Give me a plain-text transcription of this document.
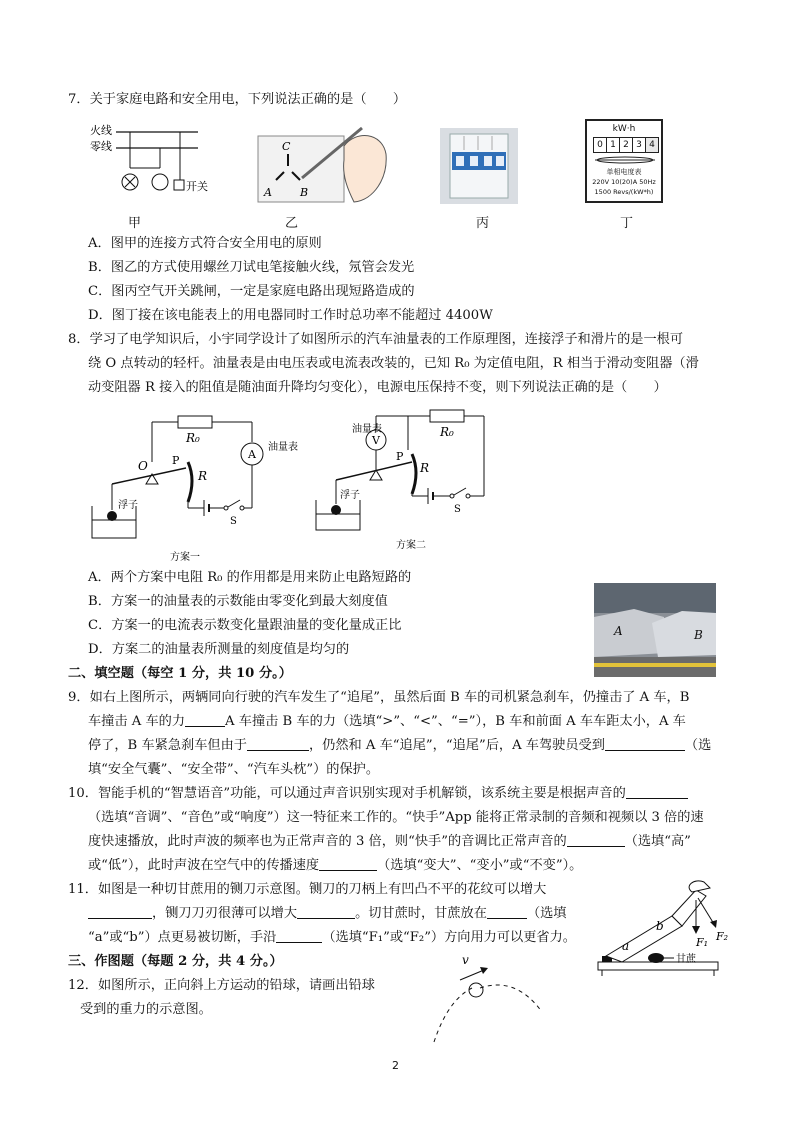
7．关于家庭电路和安全用电，下列说法正确的是（　　）
火线
零线
开关
甲
C
A	B
乙	丙
kW·h
0 1 2 3 4
单相电度表
220V 10(20)A 50Hz
1500 Revs/(kW*h)
丁
A．图甲的连接方式符合安全用电的原则
B．图乙的方式使用螺丝刀试电笔接触火线，氖管会发光
C．图丙空气开关跳闸，一定是家庭电路出现短路造成的
D．图丁接在该电能表上的用电器同时工作时总功率不能超过 4400W
8．学习了电学知识后，小宇同学设计了如图所示的汽车油量表的工作原理图，连接浮子和滑片的是一根可
绕 O 点转动的轻杆。油量表是由电压表或电流表改装的，已知 R₀ 为定值电阻，R 相当于滑动变阻器（滑
动变阻器 R 接入的阻值是随油面升降均匀变化），电源电压保持不变，则下列说法正确的是（　　）
R₀
A
油量表
O P
R
S
浮子
方案一
油量表
V
R₀
P
R
S
浮子
方案二
A．两个方案中电阻 R₀ 的作用都是用来防止电路短路的
B．方案一的油量表的示数能由零变化到最大刻度值
C．方案一的电流表示数变化量跟油量的变化量成正比
D．方案二的油量表所测量的刻度值是均匀的
A	B
二、填空题（每空 1 分，共 10 分。）
9．如右上图所示，两辆同向行驶的汽车发生了“追尾”，虽然后面 B 车的司机紧急刹车，仍撞击了 A 车，B
车撞击 A 车的力	A 车撞击 B 车的力（选填“>”、“<”、“=”），B 车和前面 A 车车距太小，A 车
停了，B 车紧急刹车但由于	，仍然和 A 车“追尾”，“追尾”后，A 车驾驶员受到	（选
填“安全气囊”、“安全带”、“汽车头枕”）的保护。
10．智能手机的“智慧语音”功能，可以通过声音识别实现对手机解锁，该系统主要是根据声音的
（选填“音调”、“音色”或“响度”）这一特征来工作的。“快手”App 能将正常录制的音频和视频以 3 倍的速
度快速播放，此时声波的频率也为正常声音的 3 倍，则“快手”的音调比正常声音的	（选填“高”
或“低”），此时声波在空气中的传播速度	（选填“变大”、“变小”或“不变”）。
11．如图是一种切甘蔗用的铡刀示意图。铡刀的刀柄上有凹凸不平的花纹可以增大
，铡刀刀刃很薄可以增大	。切甘蔗时，甘蔗放在	（选填
“a”或“b”）点更易被切断，手沿	（选填“F₁”或“F₂”）方向用力可以更省力。
a
b
甘蔗
F₁ F₂
三、作图题（每题 2 分，共 4 分。）
12．如图所示，正向斜上方运动的铅球，请画出铅球
受到的重力的示意图。
v
2
